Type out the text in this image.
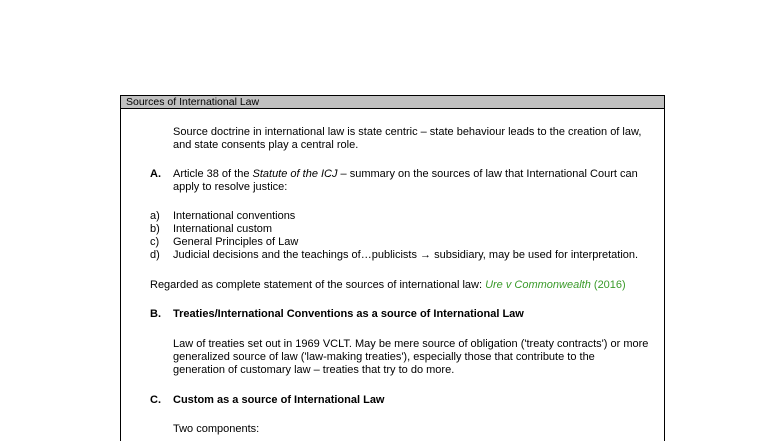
Sources of International Law
Source doctrine in international law is state centric – state behaviour leads to the creation of law,
and state consents play a central role.
A. Article 38 of the Statute of the ICJ – summary on the sources of law that International Court can
apply to resolve justice:
a) International conventions
b) International custom
c) General Principles of Law
d) Judicial decisions and the teachings of…publicists → subsidiary, may be used for interpretation.
Regarded as complete statement of the sources of international law: Ure v Commonwealth (2016)
B. Treaties/International Conventions as a source of International Law
Law of treaties set out in 1969 VCLT. May be mere source of obligation ('treaty contracts') or more
generalized source of law ('law-making treaties'), especially those that contribute to the
generation of customary law – treaties that try to do more.
C. Custom as a source of International Law
Two components:
